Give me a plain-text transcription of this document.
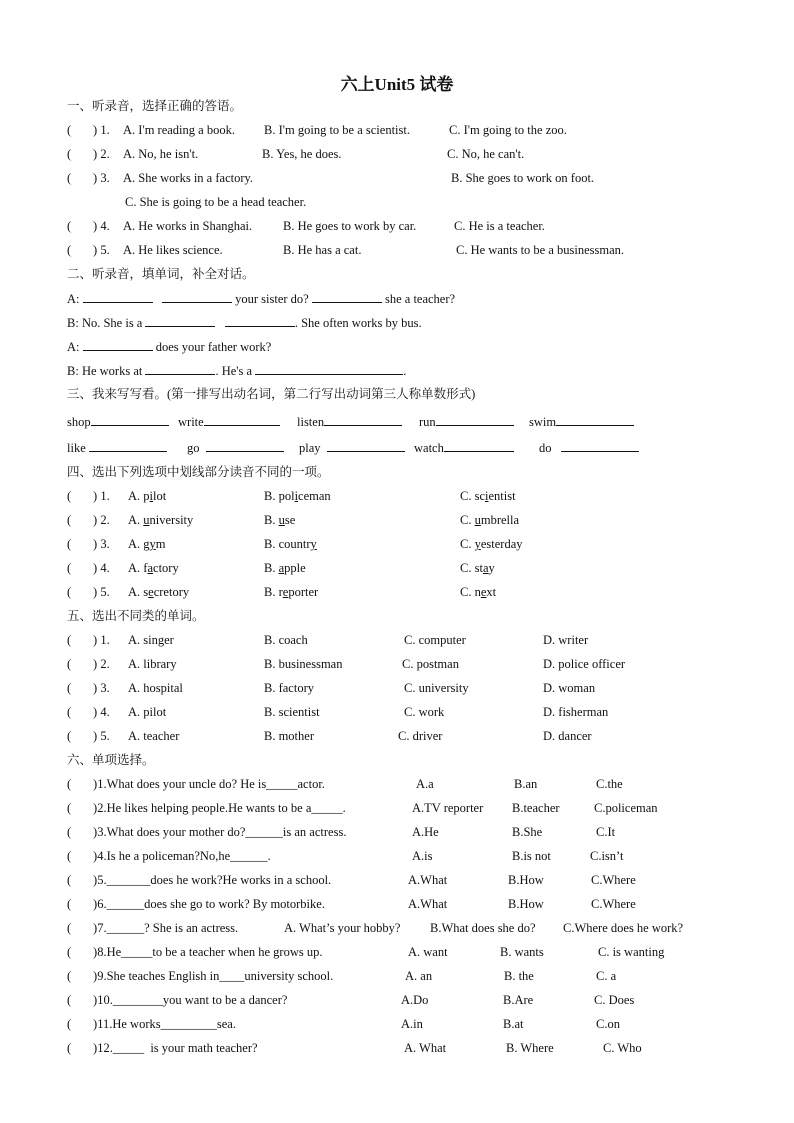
六上Unit5 试卷
一、听录音，选择正确的答语。
(       ) 1. A. I'm reading a book. B. I'm going to be a scientist.	C. I'm going to the zoo.
(       ) 2. A. No, he isn't.	B. Yes, he does.	C. No, he can't.
(       ) 3. A. She works in a factory.	B. She goes to work on foot.
C. She is going to be a head teacher.
(       ) 4. A. He works in Shanghai. B. He goes to work by car.	C. He is a teacher.
(       ) 5. A. He likes science.	B. He has a cat.	C. He wants to be a businessman.
二、听录音，填单词，补全对话。
A:	your sister do?	she a teacher?
B: No. She is a	. She often works by bus.
A:	does your father work?
B: He works at	. He's a	.
三、我来写写看。(第一排写出动名词，第二行写出动词第三人称单数形式)
shop	write	listen	run	swim
like	go	play	watch	do
四、选出下列选项中划线部分读音不同的一项。
(       ) 1. A. pilot	B. policeman	C. scientist
(       ) 2. A. university	B. use	C. umbrella
(       ) 3. A. gym	B. country	C. yesterday
(       ) 4. A. factory	B. apple	C. stay
(       ) 5. A. secretory	B. reporter	C. next
五、选出不同类的单词。
(       ) 1. A. singer	B. coach	C. computer	D. writer
(       ) 2. A. library	B. businessman	C. postman	D. police officer
(       ) 3. A. hospital	B. factory	C. university	D. woman
(       ) 4. A. pilot	B. scientist	C. work	D. fisherman
(       ) 5. A. teacher	B. mother	C. driver	D. dancer
六、单项选择。
(       )1.What does your uncle do? He is_____actor.	A.a	B.an	C.the
(       )2.He likes helping people.He wants to be a_____.	A.TV reporter B.teacher	C.policeman
(       )3.What does your mother do?______is an actress.	A.He	B.She	C.It
(       )4.Is he a policeman?No,he______.	A.is	B.is not	C.isn’t
(       )5._______does he work?He works in a school.	A.What	B.How	C.Where
(       )6.______does she go to work? By motorbike.	A.What	B.How	C.Where
(       )7.______? She is an actress.	A. What’s your hobby? B.What does she do? C.Where does he work?
(       )8.He_____to be a teacher when he grows up.	A. want	B. wants	C. is wanting
(       )9.She teaches English in____university school.	A. an	B. the	C. a
(       )10.________you want to be a dancer?	A.Do	B.Are	C. Does
(       )11.He works_________sea.	A.in	B.at	C.on
(       )12._____  is your math teacher?	A. What	B. Where	C. Who
